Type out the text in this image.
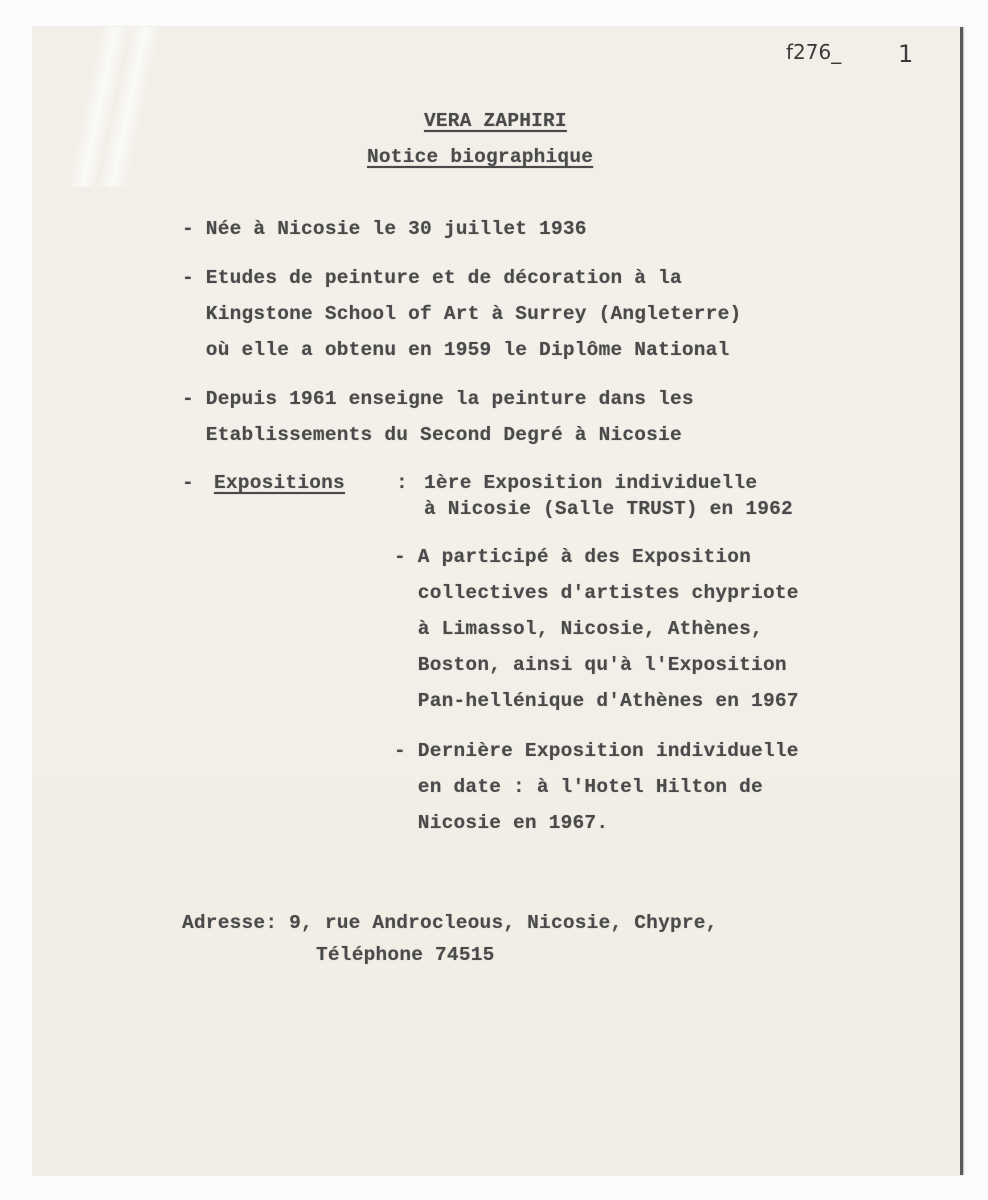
f276_ 1
VERA ZAPHIRI
Notice biographique
- Née à Nicosie le 30 juillet 1936
- Etudes de peinture et de décoration à la
Kingstone School of Art à Surrey (Angleterre)
où elle a obtenu en 1959 le Diplôme National
- Depuis 1961 enseigne la peinture dans les
Etablissements du Second Degré à Nicosie
- Expositions	: 1ère Exposition individuelle
à Nicosie (Salle TRUST) en 1962
- A participé à des Exposition
collectives d'artistes chypriote
à Limassol, Nicosie, Athènes,
Boston, ainsi qu'à l'Exposition
Pan-hellénique d'Athènes en 1967
- Dernière Exposition individuelle
en date : à l'Hotel Hilton de
Nicosie en 1967.
Adresse: 9, rue Androcleous, Nicosie, Chypre,
Téléphone 74515
